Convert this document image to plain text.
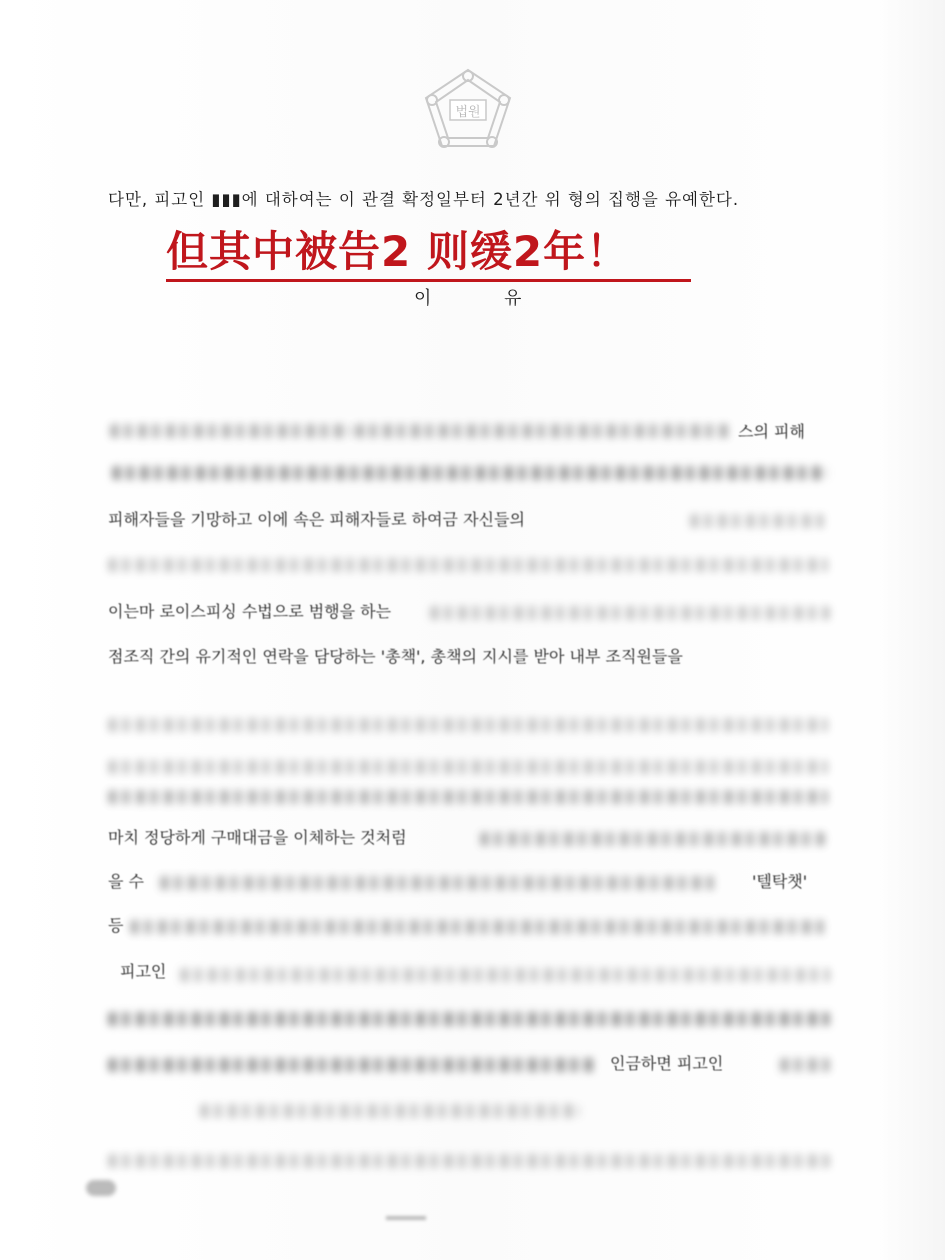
법원
다만, 피고인 ▮▮▮에 대하여는 이 관결 확정일부터 2년간 위 형의 집행을 유예한다.
但其中被告2 则缓2年！
이	유
스의 피해
피해자들을 기망하고 이에 속은 피해자들로 하여금 자신들의
이는마 로이스피싱 수법으로 범행을 하는
점조직 간의 유기적인 연락을 담당하는 '총책', 총책의 지시를 받아 내부 조직원들을
마치 정당하게 구매대금을 이체하는 것처럼
을 수	'텔탁챗'
등
피고인
인금하면 피고인
